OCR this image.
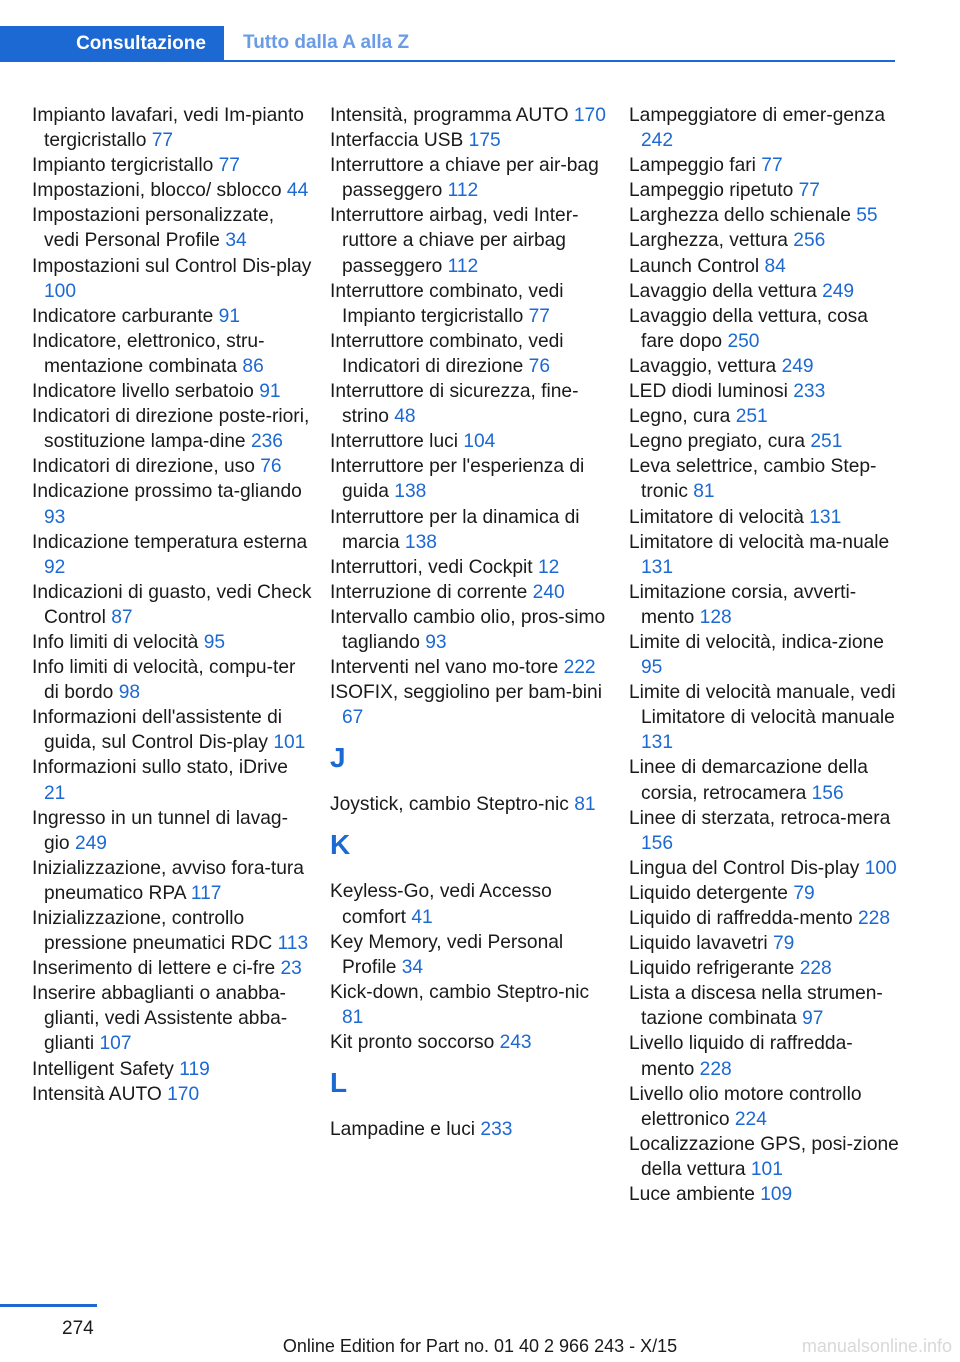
Consultazione Tutto dalla A alla Z
Impianto lavafari, vedi Im-pianto tergicristallo 77
Impianto tergicristallo 77
Impostazioni, blocco/ sblocco 44
Impostazioni personalizzate, vedi Personal Profile 34
Impostazioni sul Control Dis-play 100
Indicatore carburante 91
Indicatore, elettronico, stru-mentazione combinata 86
Indicatore livello serbatoio 91
Indicatori di direzione poste-riori, sostituzione lampa-dine 236
Indicatori di direzione, uso 76
Indicazione prossimo ta-gliando 93
Indicazione temperatura esterna 92
Indicazioni di guasto, vedi Check Control 87
Info limiti di velocità 95
Info limiti di velocità, compu-ter di bordo 98
Informazioni dell'assistente di guida, sul Control Dis-play 101
Informazioni sullo stato, iDrive 21
Ingresso in un tunnel di lavag-gio 249
Inizializzazione, avviso fora-tura pneumatico RPA 117
Inizializzazione, controllo pressione pneumatici RDC 113
Inserimento di lettere e ci-fre 23
Inserire abbaglianti o anabba-glianti, vedi Assistente abba-glianti 107
Intelligent Safety 119
Intensità AUTO 170
Intensità, programma AUTO 170
Interfaccia USB 175
Interruttore a chiave per air-bag passeggero 112
Interruttore airbag, vedi Inter-ruttore a chiave per airbag passeggero 112
Interruttore combinato, vedi Impianto tergicristallo 77
Interruttore combinato, vedi Indicatori di direzione 76
Interruttore di sicurezza, fine-strino 48
Interruttore luci 104
Interruttore per l'esperienza di guida 138
Interruttore per la dinamica di marcia 138
Interruttori, vedi Cockpit 12
Interruzione di corrente 240
Intervallo cambio olio, pros-simo tagliando 93
Interventi nel vano mo-tore 222
ISOFIX, seggiolino per bam-bini 67
J
Joystick, cambio Steptro-nic 81
K
Keyless-Go, vedi Accesso comfort 41
Key Memory, vedi Personal Profile 34
Kick-down, cambio Steptro-nic 81
Kit pronto soccorso 243
L
Lampadine e luci 233
Lampeggiatore di emer-genza 242
Lampeggio fari 77
Lampeggio ripetuto 77
Larghezza dello schienale 55
Larghezza, vettura 256
Launch Control 84
Lavaggio della vettura 249
Lavaggio della vettura, cosa fare dopo 250
Lavaggio, vettura 249
LED diodi luminosi 233
Legno, cura 251
Legno pregiato, cura 251
Leva selettrice, cambio Step-tronic 81
Limitatore di velocità 131
Limitatore di velocità ma-nuale 131
Limitazione corsia, avverti-mento 128
Limite di velocità, indica-zione 95
Limite di velocità manuale, vedi Limitatore di velocità manuale 131
Linee di demarcazione della corsia, retrocamera 156
Linee di sterzata, retroca-mera 156
Lingua del Control Dis-play 100
Liquido detergente 79
Liquido di raffredda-mento 228
Liquido lavavetri 79
Liquido refrigerante 228
Lista a discesa nella strumen-tazione combinata 97
Livello liquido di raffredda-mento 228
Livello olio motore controllo elettronico 224
Localizzazione GPS, posi-zione della vettura 101
Luce ambiente 109
274
Online Edition for Part no. 01 40 2 966 243 - X/15	manualsonline.info
